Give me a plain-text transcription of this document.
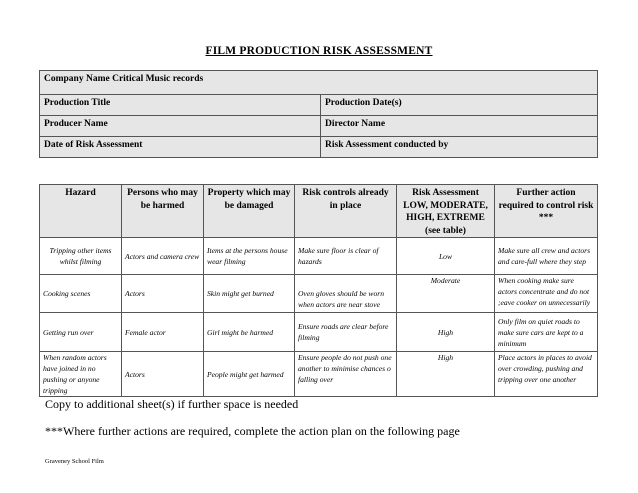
FILM PRODUCTION RISK ASSESSMENT
Company Name Critical Music records	
Production Title	Production Date(s)
Producer Name	Director Name
Date of Risk Assessment	Risk Assessment conducted by
Hazard	Persons who may be harmed	Property which may be damaged	Risk controls already in place	Risk Assessment LOW, MODERATE, HIGH, EXTREME (see table)	Further action required to control risk ***
Tripping other items whilst filming	Actors and camera crew	Items at the persons house wear filming	Make sure floor is clear of hazards	Low	Make sure all crew and actors and care-full where they step
Cooking scenes	Actors	Skin might get burned	Oven gloves should be worn when actors are near stove	Moderate	When cooking make sure actors concentrate and do not ;eave cooker on unnecessarily
Getting run over	Female actor	Girl might be harmed	Ensure roads are clear before filming	High	Only film on quiet roads to make sure cars are kept to a minimum
When random actors have joined in no pushing or anyone tripping	Actors	People might get harmed	Ensure people do not push one another to minimise chances o falling over	High	Place actors in places to avoid over crowding, pushing and tripping over one another
Copy to additional sheet(s) if further space is needed
***Where further actions are required, complete the action plan on the following page
Graveney School Film
